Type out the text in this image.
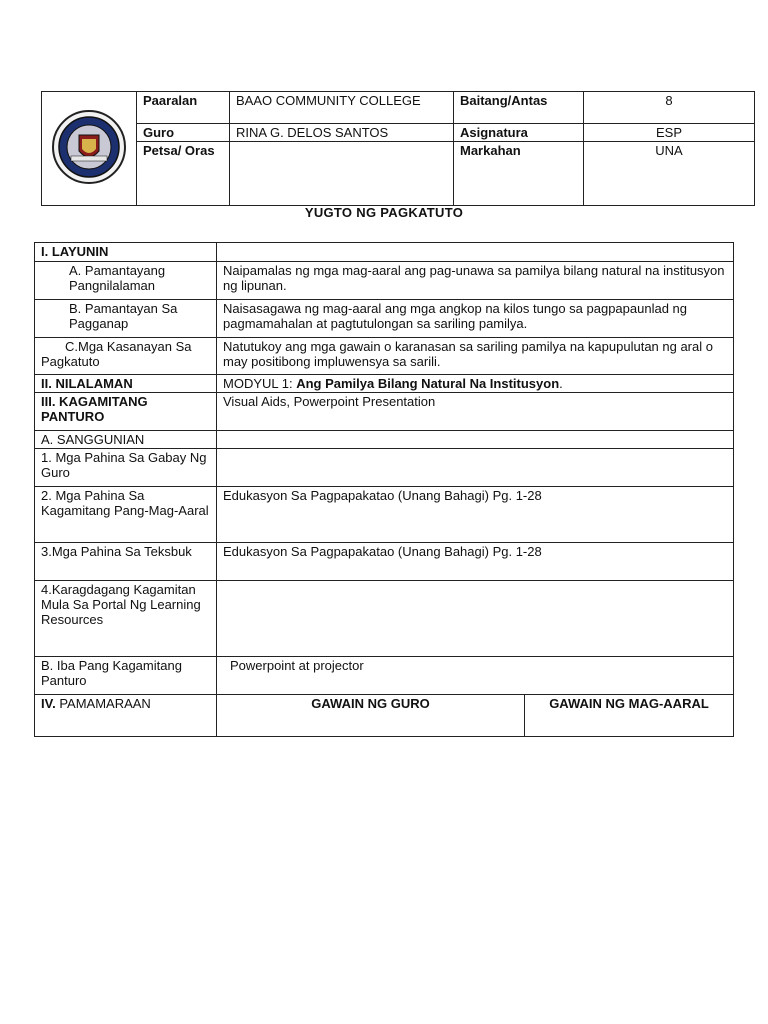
	Paaralan	BAAO COMMUNITY COLLEGE	Baitang/Antas	8
	Guro	RINA G. DELOS SANTOS	Asignatura	ESP
	Petsa/ Oras		Markahan	UNA
YUGTO NG PAGKATUTO
I. LAYUNIN		
A. Pamantayang Pangnilalaman	Naipamalas ng mga mag-aaral ang pag-unawa sa pamilya bilang natural na institusyon ng lipunan.	
B. Pamantayan Sa Pagganap	Naisasagawa ng mag-aaral ang mga angkop na kilos tungo sa pagpapaunlad ng pagmamahalan at pagtutulongan sa sariling pamilya.	
C.Mga Kasanayan Sa Pagkatuto	Natutukoy ang mga gawain o karanasan sa sariling pamilya na kapupulutan ng aral o may positibong impluwensya sa sarili.	
II. NILALAMAN	MODYUL 1: Ang Pamilya Bilang Natural Na Institusyon.	
III. KAGAMITANG PANTURO	Visual Aids, Powerpoint Presentation	
A. SANGGUNIAN		
1. Mga Pahina Sa Gabay Ng Guro		
2. Mga Pahina Sa Kagamitang Pang-Mag-Aaral	Edukasyon Sa Pagpapakatao (Unang Bahagi) Pg. 1-28	
3.Mga Pahina Sa Teksbuk	Edukasyon Sa Pagpapakatao (Unang Bahagi) Pg. 1-28	
4.Karagdagang Kagamitan Mula Sa Portal Ng Learning Resources		
B. Iba Pang Kagamitang Panturo	Powerpoint at projector	
IV. PAMAMARAAN	GAWAIN NG GURO	GAWAIN NG MAG-AARAL
